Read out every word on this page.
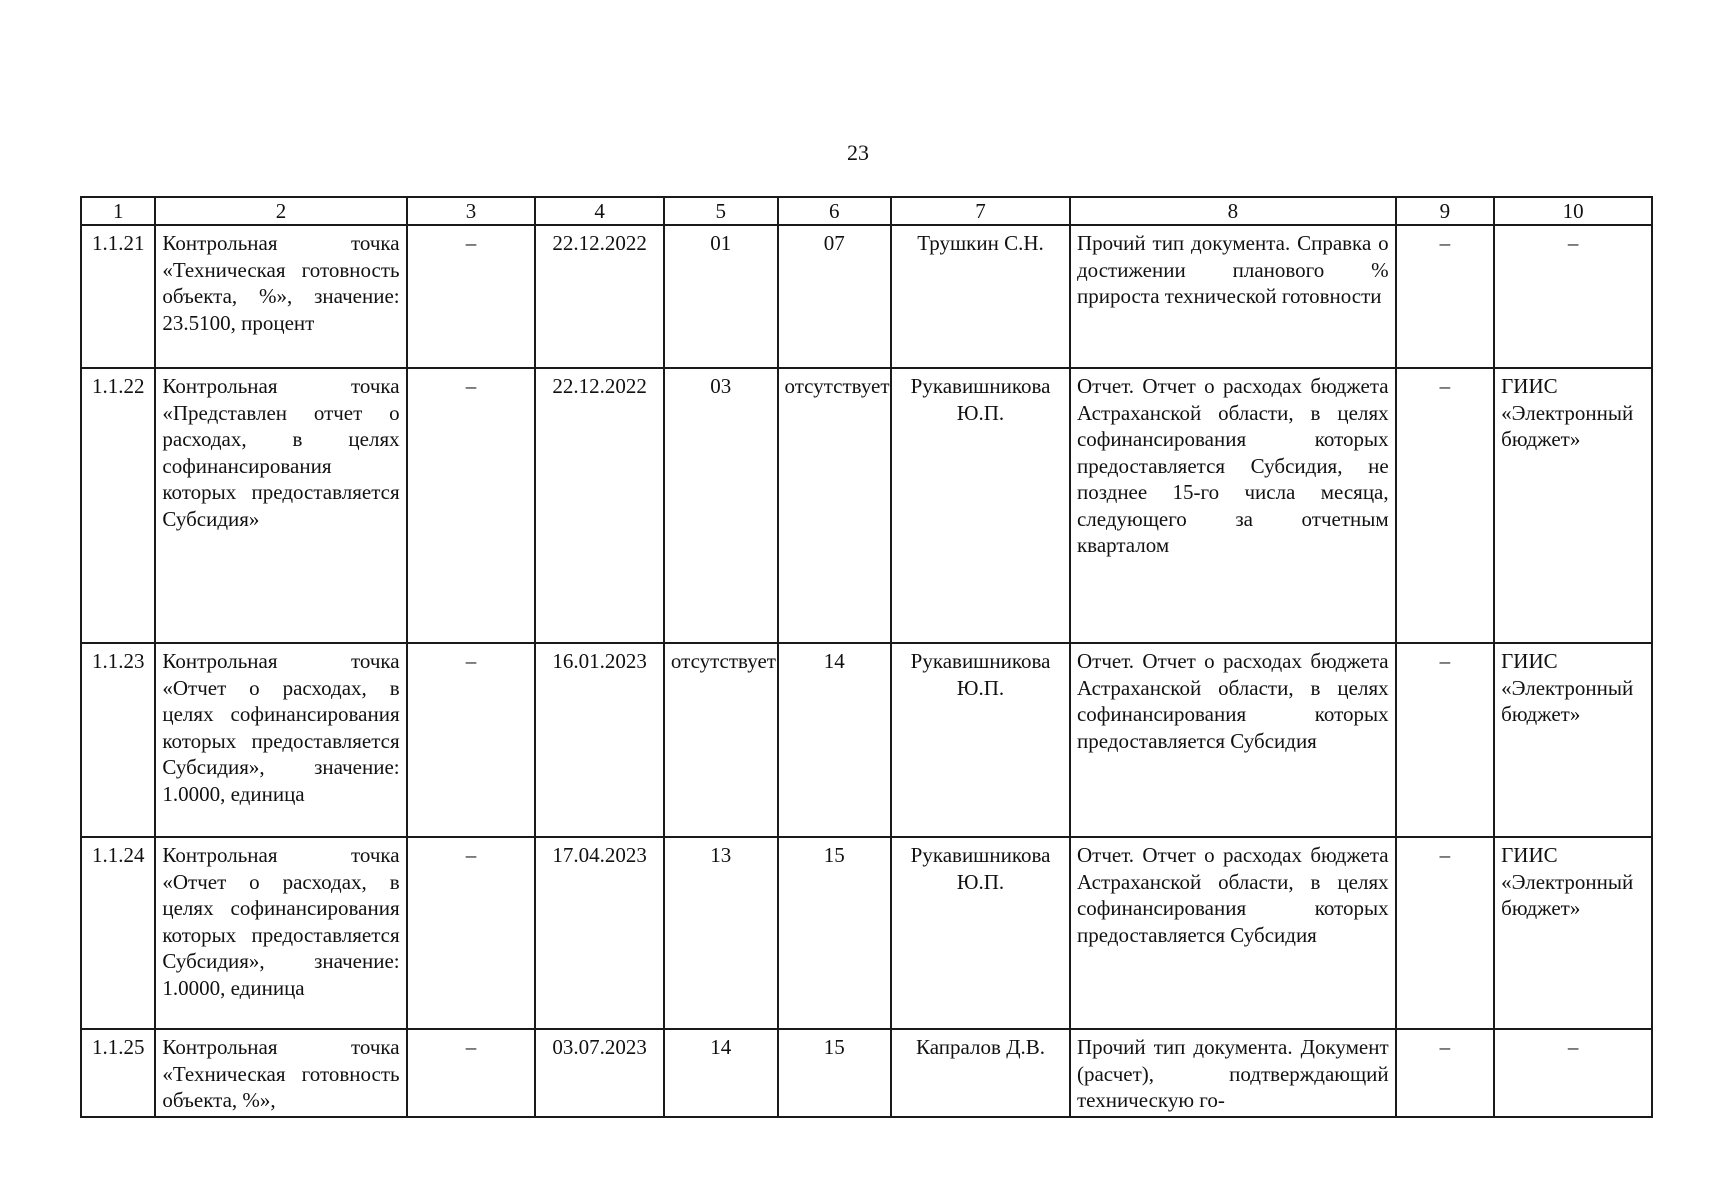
23
1	2	3	4	5	6	7	8	9	10
1.1.21	Контрольная точка «Техническая готовность объекта, %», значение: 23.5100, процент	–	22.12.2022	01	07	Трушкин С.Н.	Прочий тип документа. Справка о достижении планового % прироста технической готовности	–	–
1.1.22	Контрольная точка «Представлен отчет о расходах, в целях софинансирования которых предоставляется Субсидия»	–	22.12.2022	03	отсутствует	Рукавишникова Ю.П.	Отчет. Отчет о расходах бюджета Астраханской области, в целях софинансирования которых предоставляется Субсидия, не позднее 15-го числа месяца, следующего за отчетным кварталом	–	ГИИС «Электронный бюджет»
1.1.23	Контрольная точка «Отчет о расходах, в целях софинансирования которых предоставляется Субсидия», значение: 1.0000, единица	–	16.01.2023	отсутствует	14	Рукавишникова Ю.П.	Отчет. Отчет о расходах бюджета Астраханской области, в целях софинансирования которых предоставляется Субсидия	–	ГИИС «Электронный бюджет»
1.1.24	Контрольная точка «Отчет о расходах, в целях софинансирования которых предоставляется Субсидия», значение: 1.0000, единица	–	17.04.2023	13	15	Рукавишникова Ю.П.	Отчет. Отчет о расходах бюджета Астраханской области, в целях софинансирования которых предоставляется Субсидия	–	ГИИС «Электронный бюджет»
1.1.25	Контрольная точка «Техническая готовность объекта, %»,	–	03.07.2023	14	15	Капралов Д.В.	Прочий тип документа. Документ (расчет), подтверждающий техническую го-	–	–
